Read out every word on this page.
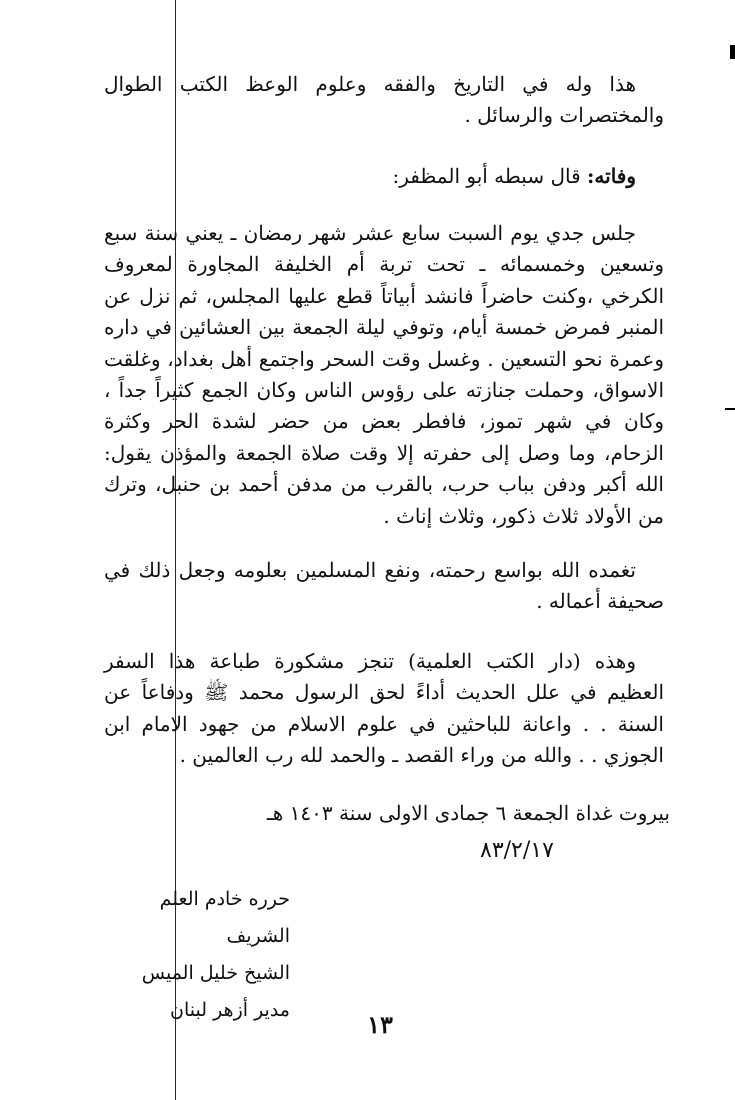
هذا وله في التاريخ والفقه وعلوم الوعظ الكتب الطوال والمختصرات والرسائل .

وفاته: قال سبطه أبو المظفر:

جلس جدي يوم السبت سابع عشر شهر رمضان ـ يعني سنة سبع وتسعين وخمسمائه ـ تحت تربة أم الخليفة المجاورة لمعروف الكرخي ،وكنت حاضراً فانشد أبياتاً قطع عليها المجلس، ثم نزل عن المنبر فمرض خمسة أيام، وتوفي ليلة الجمعة بين العشائين في داره وعمرة نحو التسعين . وغسل وقت السحر واجتمع أهل بغداد، وغلقت الاسواق، وحملت جنازته على رؤوس الناس وكان الجمع كثيراً جداً ، وكان في شهر تموز، فافطر بعض من حضر لشدة الحر وكثرة الزحام، وما وصل إلى حفرته إلا وقت صلاة الجمعة والمؤذن يقول: الله أكبر ودفن بباب حرب، بالقرب من مدفن أحمد بن حنبل، وترك من الأولاد ثلاث ذكور، وثلاث إناث .

تغمده الله بواسع رحمته، ونفع المسلمين بعلومه وجعل ذلك في صحيفة أعماله .

وهذه (دار الكتب العلمية) تنجز مشكورة طباعة هذا السفر العظيم في علل الحديث أداءً لحق الرسول محمد ﷺ ودفاعاً عن السنة . . واعانة للباحثين في علوم الاسلام من جهود الامام ابن الجوزي . . والله من وراء القصد ـ والحمد لله رب العالمين .

بيروت غداة الجمعة ٦ جمادى الاولى سنة ١٤٠٣ هـ
٨٣/٢/١٧
حرره خادم العلم الشريف
الشيخ خليل الميس
مدير أزهر لبنان	١٣
